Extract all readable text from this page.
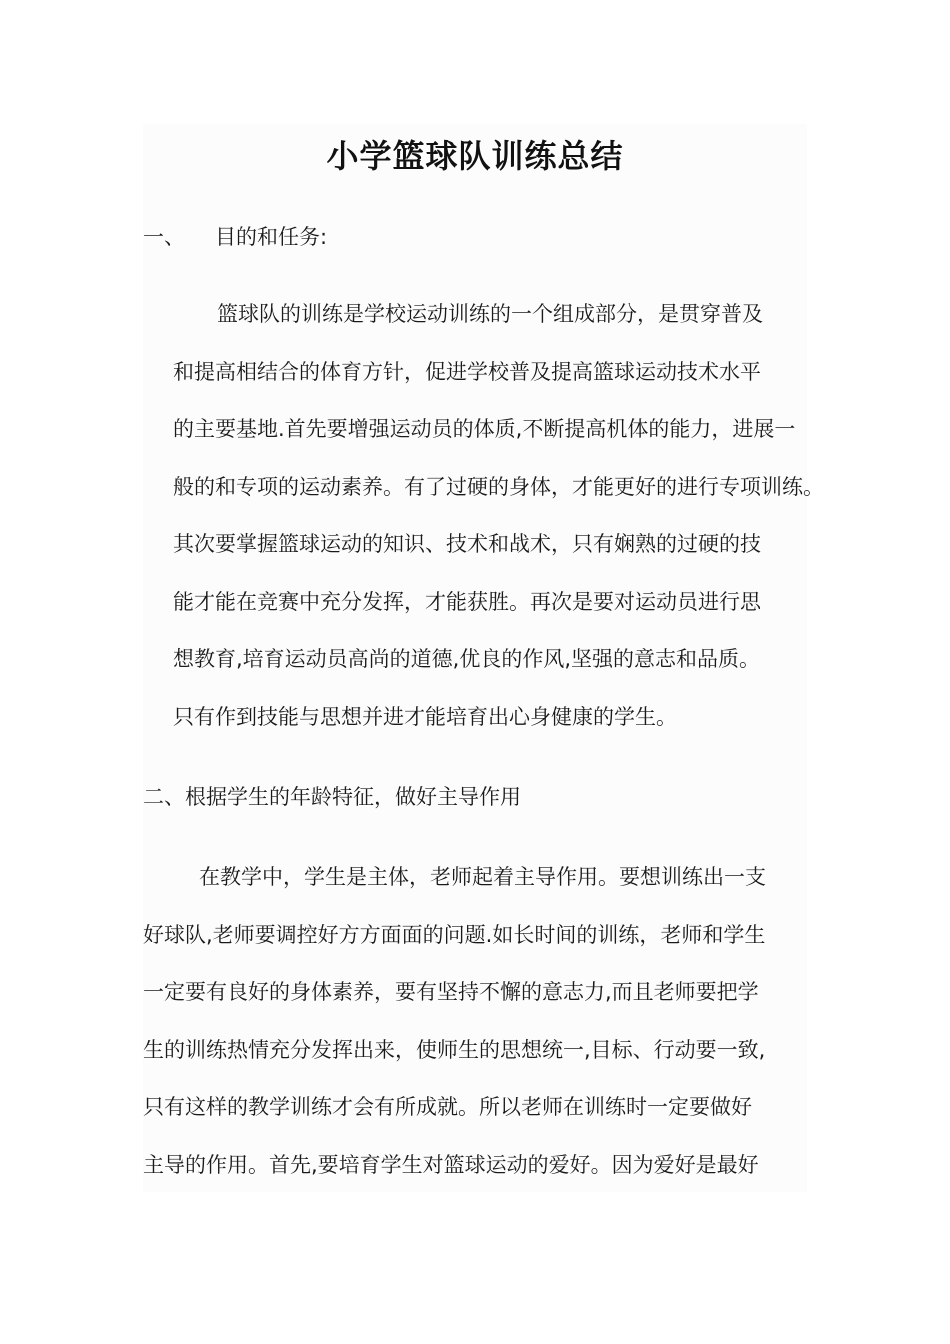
小学篮球队训练总结

一、 目的和任务:

篮球队的训练是学校运动训练的一个组成部分，是贯穿普及
和提高相结合的体育方针，促进学校普及提高篮球运动技术水平
的主要基地.首先要增强运动员的体质,不断提高机体的能力，进展一
般的和专项的运动素养。有了过硬的身体，才能更好的进行专项训练。
其次要掌握篮球运动的知识、技术和战术，只有娴熟的过硬的技
能才能在竞赛中充分发挥，才能获胜。再次是要对运动员进行思
想教育,培育运动员高尚的道德,优良的作风,坚强的意志和品质。
只有作到技能与思想并进才能培育出心身健康的学生。

二、根据学生的年龄特征，做好主导作用

在教学中，学生是主体，老师起着主导作用。要想训练出一支
好球队,老师要调控好方方面面的问题.如长时间的训练，老师和学生
一定要有良好的身体素养，要有坚持不懈的意志力,而且老师要把学
生的训练热情充分发挥出来，使师生的思想统一,目标、行动要一致,
只有这样的教学训练才会有所成就。所以老师在训练时一定要做好
主导的作用。首先,要培育学生对篮球运动的爱好。因为爱好是最好
